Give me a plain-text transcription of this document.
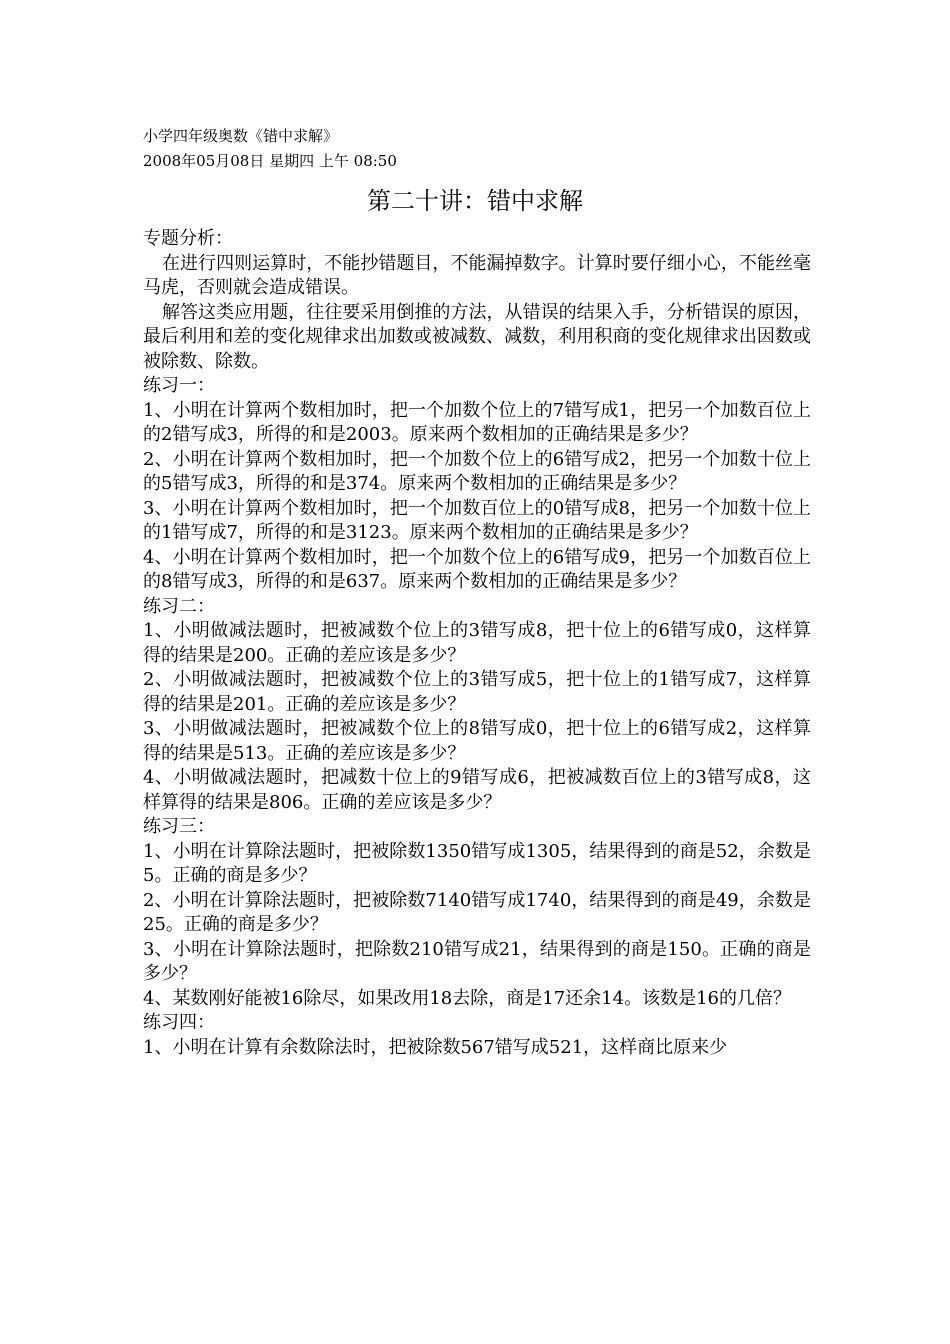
小学四年级奥数《错中求解》
2008年05月08日 星期四 上午 08:50
第二十讲：错中求解

专题分析：

在进行四则运算时，不能抄错题目，不能漏掉数字。计算时要仔细小心，不能丝毫马虎，否则就会造成错误。

解答这类应用题，往往要采用倒推的方法，从错误的结果入手，分析错误的原因，最后利用和差的变化规律求出加数或被减数、减数，利用积商的变化规律求出因数或被除数、除数。

练习一：

1、小明在计算两个数相加时，把一个加数个位上的7错写成1，把另一个加数百位上的2错写成3，所得的和是2003。原来两个数相加的正确结果是多少？

2、小明在计算两个数相加时，把一个加数个位上的6错写成2，把另一个加数十位上的5错写成3，所得的和是374。原来两个数相加的正确结果是多少？

3、小明在计算两个数相加时，把一个加数百位上的0错写成8，把另一个加数十位上的1错写成7，所得的和是3123。原来两个数相加的正确结果是多少？

4、小明在计算两个数相加时，把一个加数个位上的6错写成9，把另一个加数百位上的8错写成3，所得的和是637。原来两个数相加的正确结果是多少？

练习二：

1、小明做减法题时，把被减数个位上的3错写成8，把十位上的6错写成0，这样算得的结果是200。正确的差应该是多少？

2、小明做减法题时，把被减数个位上的3错写成5，把十位上的1错写成7，这样算得的结果是201。正确的差应该是多少？

3、小明做减法题时，把被减数个位上的8错写成0，把十位上的6错写成2，这样算得的结果是513。正确的差应该是多少？

4、小明做减法题时，把减数十位上的9错写成6，把被减数百位上的3错写成8，这样算得的结果是806。正确的差应该是多少？

练习三：

1、小明在计算除法题时，把被除数1350错写成1305，结果得到的商是52，余数是5。正确的商是多少？

2、小明在计算除法题时，把被除数7140错写成1740，结果得到的商是49，余数是25。正确的商是多少？

3、小明在计算除法题时，把除数210错写成21，结果得到的商是150。正确的商是多少？

4、某数刚好能被16除尽，如果改用18去除，商是17还余14。该数是16的几倍？

练习四：

1、小明在计算有余数除法时，把被除数567错写成521，这样商比原来少
